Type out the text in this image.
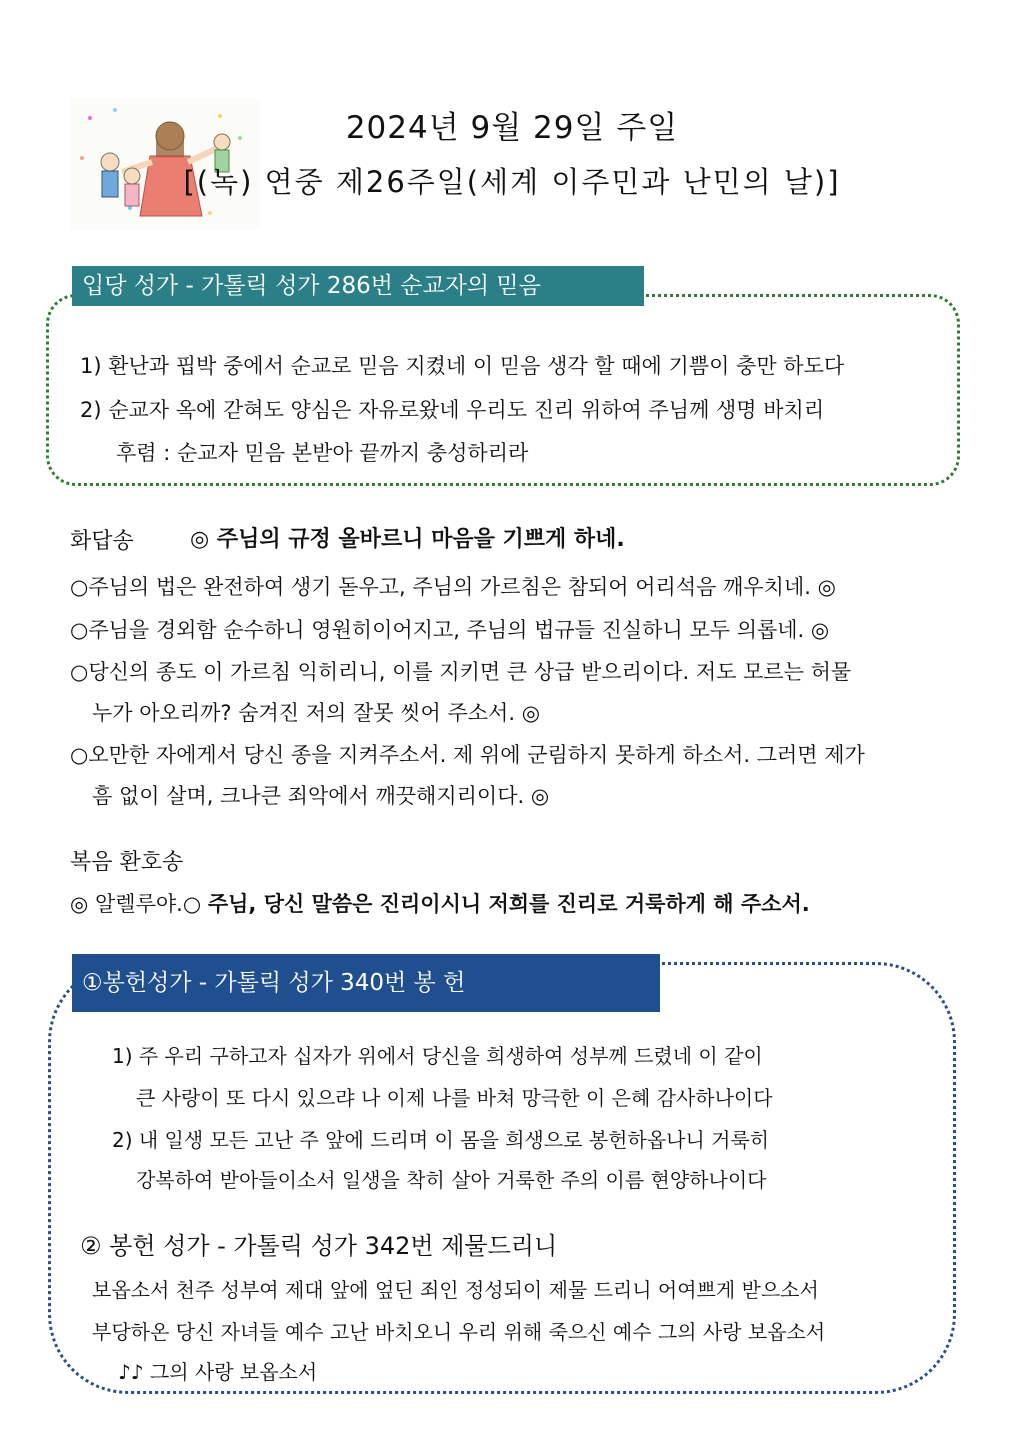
2024년 9월 29일 주일
[(녹) 연중 제26주일(세계 이주민과 난민의 날)]
입당 성가 - 가톨릭 성가 286번 순교자의 믿음
1) 환난과 핍박 중에서 순교로 믿음 지켰네 이 믿음 생각 할 때에 기쁨이 충만 하도다
2) 순교자 옥에 갇혀도 양심은 자유로왔네 우리도 진리 위하여 주님께 생명 바치리
후렴 : 순교자 믿음 본받아 끝까지 충성하리라
화답송	◎ 주님의 규정 올바르니 마음을 기쁘게 하네.
○주님의 법은 완전하여 생기 돋우고, 주님의 가르침은 참되어 어리석음 깨우치네. ◎
○주님을 경외함 순수하니 영원히이어지고, 주님의 법규들 진실하니 모두 의롭네. ◎
○당신의 종도 이 가르침 익히리니, 이를 지키면 큰 상급 받으리이다. 저도 모르는 허물
누가 아오리까? 숨겨진 저의 잘못 씻어 주소서. ◎
○오만한 자에게서 당신 종을 지켜주소서. 제 위에 군림하지 못하게 하소서. 그러면 제가
흠 없이 살며, 크나큰 죄악에서 깨끗해지리이다. ◎
복음 환호송
◎ 알렐루야.○ 주님, 당신 말씀은 진리이시니 저희를 진리로 거룩하게 해 주소서.
①봉헌성가 - 가톨릭 성가 340번 봉 헌
1) 주 우리 구하고자 십자가 위에서 당신을 희생하여 성부께 드렸네 이 같이
큰 사랑이 또 다시 있으랴 나 이제 나를 바쳐 망극한 이 은혜 감사하나이다
2) 내 일생 모든 고난 주 앞에 드리며 이 몸을 희생으로 봉헌하옵나니 거룩히
강복하여 받아들이소서 일생을 착히 살아 거룩한 주의 이름 현양하나이다
② 봉헌 성가 - 가톨릭 성가 342번 제물드리니
보옵소서 천주 성부여 제대 앞에 엎딘 죄인 정성되이 제물 드리니 어여쁘게 받으소서
부당하온 당신 자녀들 예수 고난 바치오니 우리 위해 죽으신 예수 그의 사랑 보옵소서
♪♪ 그의 사랑 보옵소서
